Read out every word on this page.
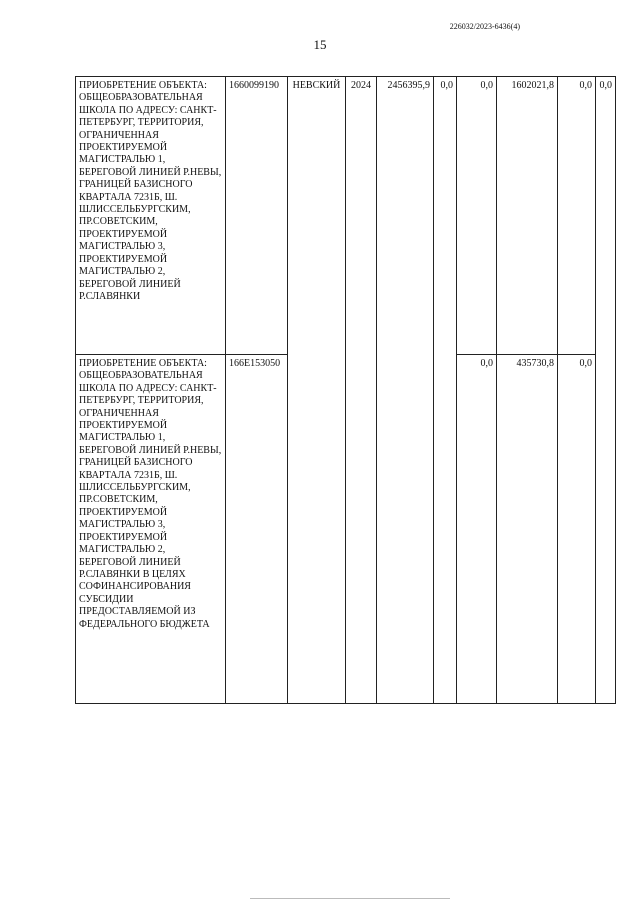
226032/2023-6436(4)
15
ПРИОБРЕТЕНИЕ ОБЪЕКТА: ОБЩЕОБРАЗОВАТЕЛЬНАЯ ШКОЛА ПО АДРЕСУ: САНКТ-ПЕТЕРБУРГ, ТЕРРИТОРИЯ, ОГРАНИЧЕННАЯ ПРОЕКТИРУЕМОЙ МАГИСТРАЛЬЮ 1, БЕРЕГОВОЙ ЛИНИЕЙ Р.НЕВЫ, ГРАНИЦЕЙ БАЗИСНОГО КВАРТАЛА 7231Б, Ш. ШЛИССЕЛЬБУРГСКИМ, ПР.СОВЕТСКИМ, ПРОЕКТИРУЕМОЙ МАГИСТРАЛЬЮ 3, ПРОЕКТИРУЕМОЙ МАГИСТРАЛЬЮ 2, БЕРЕГОВОЙ ЛИНИЕЙ Р.СЛАВЯНКИ	1660099190	НЕВСКИЙ	2024	2456395,9	0,0	0,0	1602021,8	0,0	0,0
ПРИОБРЕТЕНИЕ ОБЪЕКТА: ОБЩЕОБРАЗОВАТЕЛЬНАЯ ШКОЛА ПО АДРЕСУ: САНКТ-ПЕТЕРБУРГ, ТЕРРИТОРИЯ, ОГРАНИЧЕННАЯ ПРОЕКТИРУЕМОЙ МАГИСТРАЛЬЮ 1, БЕРЕГОВОЙ ЛИНИЕЙ Р.НЕВЫ, ГРАНИЦЕЙ БАЗИСНОГО КВАРТАЛА 7231Б, Ш. ШЛИССЕЛЬБУРГСКИМ, ПР.СОВЕТСКИМ, ПРОЕКТИРУЕМОЙ МАГИСТРАЛЬЮ 3, ПРОЕКТИРУЕМОЙ МАГИСТРАЛЬЮ 2, БЕРЕГОВОЙ ЛИНИЕЙ Р.СЛАВЯНКИ В ЦЕЛЯХ СОФИНАНСИРОВАНИЯ СУБСИДИИ ПРЕДОСТАВЛЯЕМОЙ ИЗ ФЕДЕРАЛЬНОГО БЮДЖЕТА	166Е153050					0,0	435730,8	0,0	
